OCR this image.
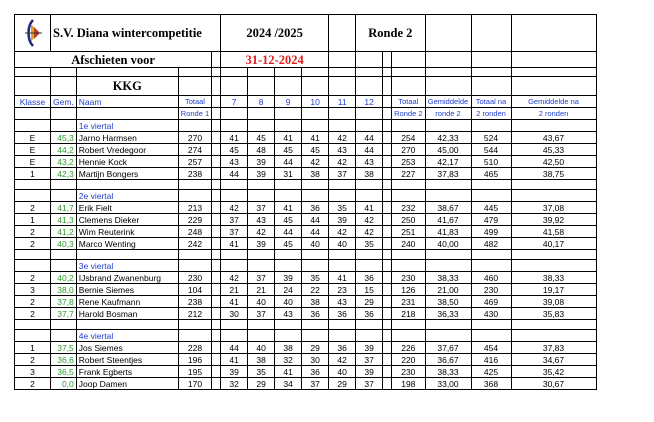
	S.V. Diana wintercompetitie				2024 /2025					Ronde 2					
Afschieten voor					31-12-2024										

		KKG													
Klasse	Gem.	Naam	Totaal		7	8	9	10	11	12		Totaal	Gemiddelde	Totaal na	Gemiddelde na
			Ronde 1									Ronde 2	ronde 2	2 ronden	2 ronden
		1e viertal													
E	45,3	Jarno Harmsen	270		41	45	41	41	42	44		254	42,33	524	43,67
E	44,2	Robert Vredegoor	274		45	48	45	45	43	44		270	45,00	544	45,33
E	43,2	Hennie Kock	257		43	39	44	42	42	43		253	42,17	510	42,50
1	42,3	Martijn Bongers	238		44	39	31	38	37	38		227	37,83	465	38,75

		2e viertal													
2	41,7	Erik Fielt	213		42	37	41	36	35	41		232	38,67	445	37,08
1	41,3	Clemens Dieker	229		37	43	45	44	39	42		250	41,67	479	39,92
2	41,2	Wim Reuterink	248		37	42	44	44	42	42		251	41,83	499	41,58
2	40,3	Marco Wenting	242		41	39	45	40	40	35		240	40,00	482	40,17

		3e viertal													
2	40,2	IJsbrand Zwanenburg	230		42	37	39	35	41	36		230	38,33	460	38,33
3	38,0	Bernie Siemes	104		21	21	24	22	23	15		126	21,00	230	19,17
2	37,8	Rene Kaufmann	238		41	40	40	38	43	29		231	38,50	469	39,08
2	37,7	Harold Bosman	212		30	37	43	36	36	36		218	36,33	430	35,83

		4e viertal													
1	37,5	Jos Siemes	228		44	40	38	29	36	39		226	37,67	454	37,83
2	36,6	Robert Steentjes	196		41	38	32	30	42	37		220	36,67	416	34,67
3	36,5	Frank Egberts	195		39	35	41	36	40	39		230	38,33	425	35,42
2	0,0	Joop Damen	170		32	29	34	37	29	37		198	33,00	368	30,67
